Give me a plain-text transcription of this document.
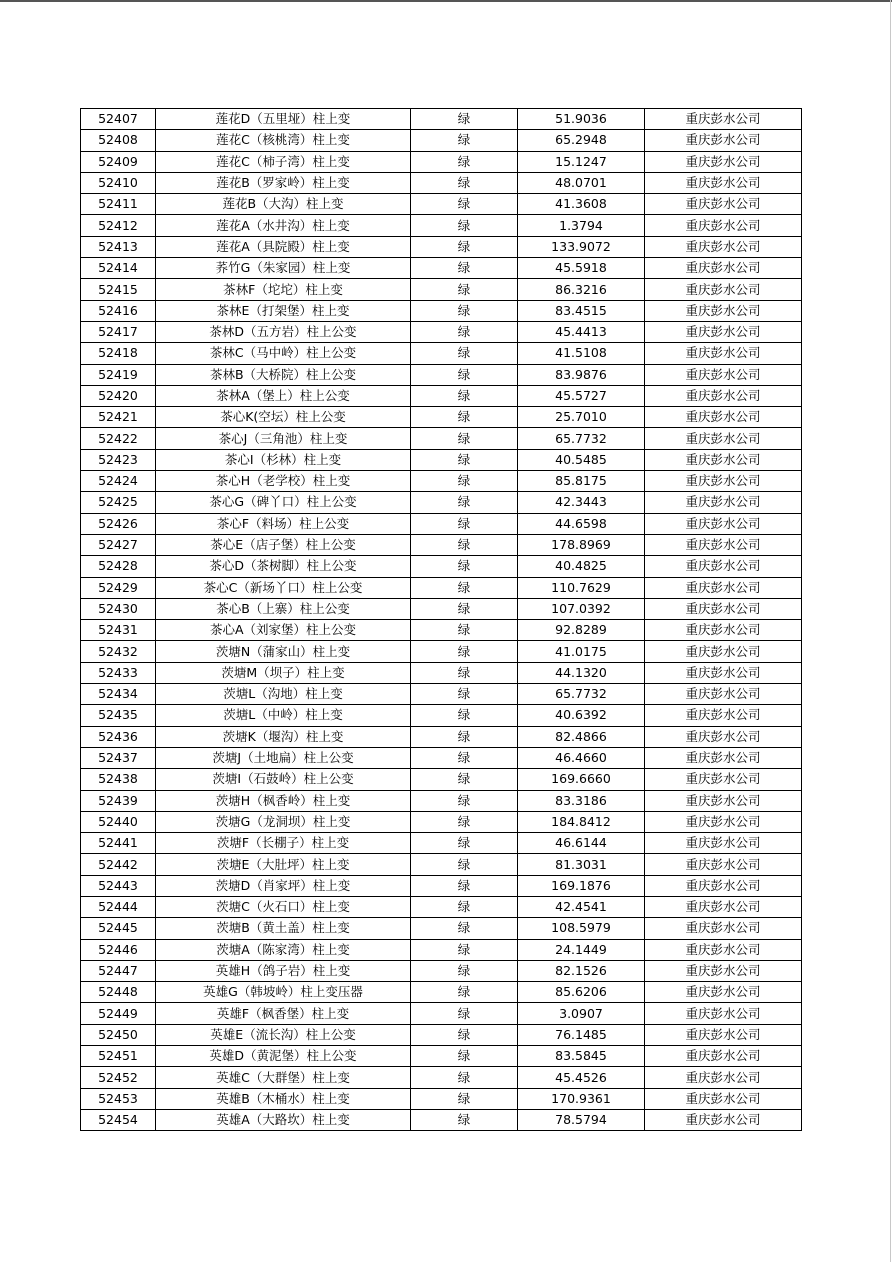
52407	莲花D（五里垭）柱上变	绿	51.9036	重庆彭水公司
52408	莲花C（核桃湾）柱上变	绿	65.2948	重庆彭水公司
52409	莲花C（柿子湾）柱上变	绿	15.1247	重庆彭水公司
52410	莲花B（罗家岭）柱上变	绿	48.0701	重庆彭水公司
52411	莲花B（大沟）柱上变	绿	41.3608	重庆彭水公司
52412	莲花A（水井沟）柱上变	绿	1.3794	重庆彭水公司
52413	莲花A（具院殿）柱上变	绿	133.9072	重庆彭水公司
52414	荞竹G（朱家园）柱上变	绿	45.5918	重庆彭水公司
52415	茶林F（坨坨）柱上变	绿	86.3216	重庆彭水公司
52416	茶林E（打架堡）柱上变	绿	83.4515	重庆彭水公司
52417	茶林D（五方岩）柱上公变	绿	45.4413	重庆彭水公司
52418	茶林C（马中岭）柱上公变	绿	41.5108	重庆彭水公司
52419	茶林B（大桥院）柱上公变	绿	83.9876	重庆彭水公司
52420	茶林A（堡上）柱上公变	绿	45.5727	重庆彭水公司
52421	茶心K(空坛）柱上公变	绿	25.7010	重庆彭水公司
52422	茶心J（三角池）柱上变	绿	65.7732	重庆彭水公司
52423	茶心I（杉林）柱上变	绿	40.5485	重庆彭水公司
52424	茶心H（老学校）柱上变	绿	85.8175	重庆彭水公司
52425	茶心G（碑丫口）柱上公变	绿	42.3443	重庆彭水公司
52426	茶心F（料场）柱上公变	绿	44.6598	重庆彭水公司
52427	茶心E（店子堡）柱上公变	绿	178.8969	重庆彭水公司
52428	茶心D（茶树脚）柱上公变	绿	40.4825	重庆彭水公司
52429	茶心C（新场丫口）柱上公变	绿	110.7629	重庆彭水公司
52430	茶心B（上寨）柱上公变	绿	107.0392	重庆彭水公司
52431	茶心A（刘家堡）柱上公变	绿	92.8289	重庆彭水公司
52432	茨塘N（蒲家山）柱上变	绿	41.0175	重庆彭水公司
52433	茨塘M（坝子）柱上变	绿	44.1320	重庆彭水公司
52434	茨塘L（沟地）柱上变	绿	65.7732	重庆彭水公司
52435	茨塘L（中岭）柱上变	绿	40.6392	重庆彭水公司
52436	茨塘K（堰沟）柱上变	绿	82.4866	重庆彭水公司
52437	茨塘J（土地扁）柱上公变	绿	46.4660	重庆彭水公司
52438	茨塘I（石鼓岭）柱上公变	绿	169.6660	重庆彭水公司
52439	茨塘H（枫香岭）柱上变	绿	83.3186	重庆彭水公司
52440	茨塘G（龙洞坝）柱上变	绿	184.8412	重庆彭水公司
52441	茨塘F（长棚子）柱上变	绿	46.6144	重庆彭水公司
52442	茨塘E（大肚坪）柱上变	绿	81.3031	重庆彭水公司
52443	茨塘D（肖家坪）柱上变	绿	169.1876	重庆彭水公司
52444	茨塘C（火石口）柱上变	绿	42.4541	重庆彭水公司
52445	茨塘B（黄土盖）柱上变	绿	108.5979	重庆彭水公司
52446	茨塘A（陈家湾）柱上变	绿	24.1449	重庆彭水公司
52447	英雄H（鸽子岩）柱上变	绿	82.1526	重庆彭水公司
52448	英雄G（韩坡岭）柱上变压器	绿	85.6206	重庆彭水公司
52449	英雄F（枫香堡）柱上变	绿	3.0907	重庆彭水公司
52450	英雄E（流长沟）柱上公变	绿	76.1485	重庆彭水公司
52451	英雄D（黄泥堡）柱上公变	绿	83.5845	重庆彭水公司
52452	英雄C（大群堡）柱上变	绿	45.4526	重庆彭水公司
52453	英雄B（木桶水）柱上变	绿	170.9361	重庆彭水公司
52454	英雄A（大路坎）柱上变	绿	78.5794	重庆彭水公司
